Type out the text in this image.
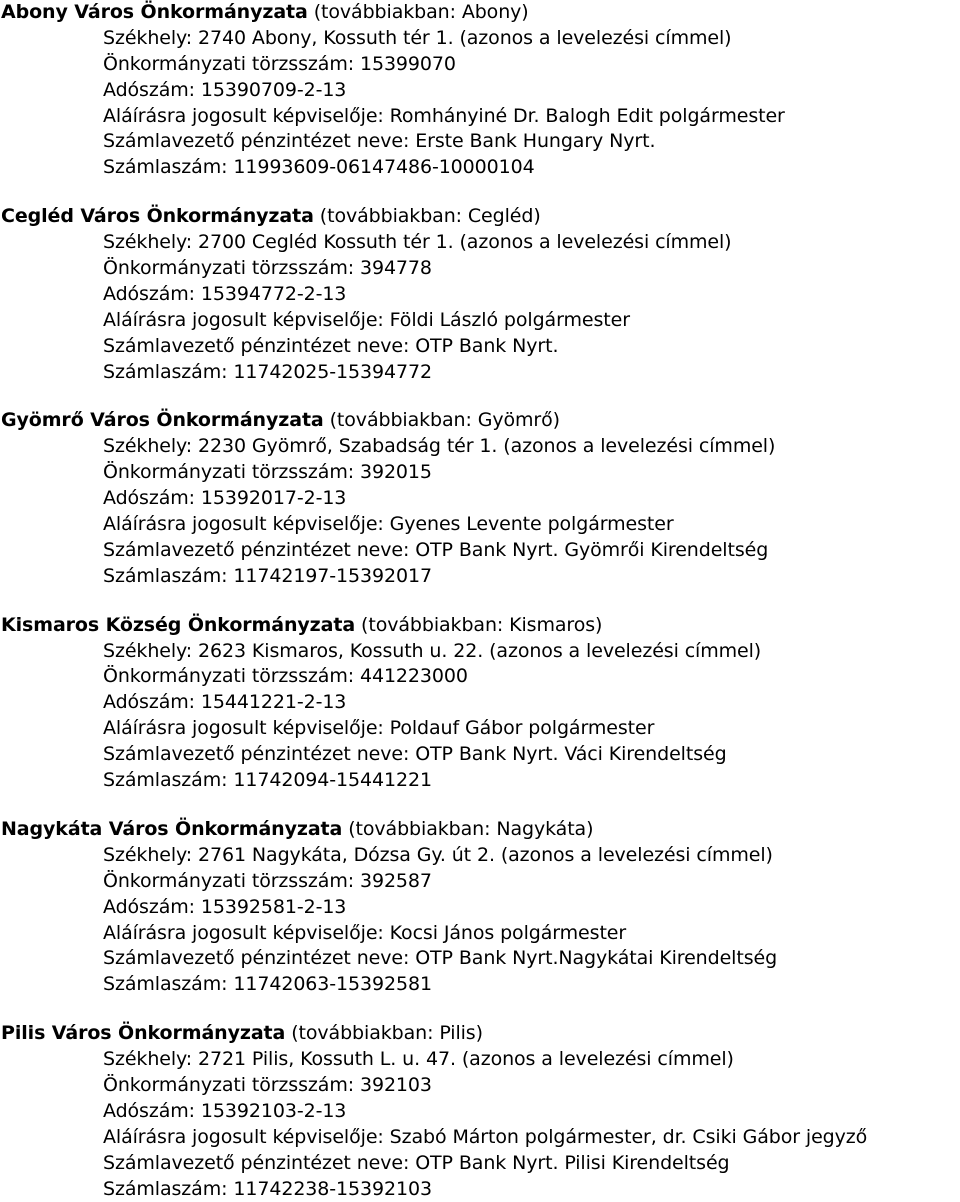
Abony Város Önkormányzata (továbbiakban: Abony)
Székhely: 2740 Abony, Kossuth tér 1. (azonos a levelezési címmel)
Önkormányzati törzsszám: 15399070
Adószám: 15390709-2-13
Aláírásra jogosult képviselője: Romhányiné Dr. Balogh Edit polgármester
Számlavezető pénzintézet neve: Erste Bank Hungary Nyrt.
Számlaszám: 11993609-06147486-10000104
Cegléd Város Önkormányzata (továbbiakban: Cegléd)
Székhely: 2700 Cegléd Kossuth tér 1. (azonos a levelezési címmel)
Önkormányzati törzsszám: 394778
Adószám: 15394772-2-13
Aláírásra jogosult képviselője: Földi László polgármester
Számlavezető pénzintézet neve: OTP Bank Nyrt.
Számlaszám: 11742025-15394772
Gyömrő Város Önkormányzata (továbbiakban: Gyömrő)
Székhely: 2230 Gyömrő, Szabadság tér 1. (azonos a levelezési címmel)
Önkormányzati törzsszám: 392015
Adószám: 15392017-2-13
Aláírásra jogosult képviselője: Gyenes Levente polgármester
Számlavezető pénzintézet neve: OTP Bank Nyrt. Gyömrői Kirendeltség
Számlaszám: 11742197-15392017
Kismaros Község Önkormányzata (továbbiakban: Kismaros)
Székhely: 2623 Kismaros, Kossuth u. 22. (azonos a levelezési címmel)
Önkormányzati törzsszám: 441223000
Adószám: 15441221-2-13
Aláírásra jogosult képviselője: Poldauf Gábor polgármester
Számlavezető pénzintézet neve: OTP Bank Nyrt. Váci Kirendeltség
Számlaszám: 11742094-15441221
Nagykáta Város Önkormányzata (továbbiakban: Nagykáta)
Székhely: 2761 Nagykáta, Dózsa Gy. út 2. (azonos a levelezési címmel)
Önkormányzati törzsszám: 392587
Adószám: 15392581-2-13
Aláírásra jogosult képviselője: Kocsi János polgármester
Számlavezető pénzintézet neve: OTP Bank Nyrt.Nagykátai Kirendeltség
Számlaszám: 11742063-15392581
Pilis Város Önkormányzata (továbbiakban: Pilis)
Székhely: 2721 Pilis, Kossuth L. u. 47. (azonos a levelezési címmel)
Önkormányzati törzsszám: 392103
Adószám: 15392103-2-13
Aláírásra jogosult képviselője: Szabó Márton polgármester, dr. Csiki Gábor jegyző
Számlavezető pénzintézet neve: OTP Bank Nyrt. Pilisi Kirendeltség
Számlaszám: 11742238-15392103
